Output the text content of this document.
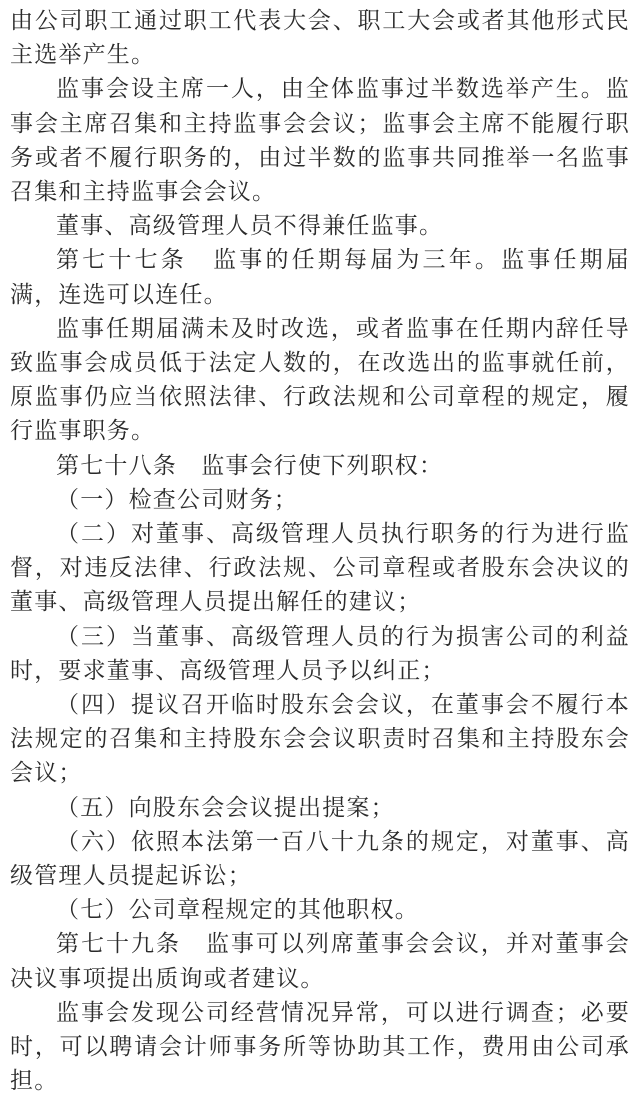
由公司职工通过职工代表大会、职工大会或者其他形式民主选举产生。

监事会设主席一人，由全体监事过半数选举产生。监事会主席召集和主持监事会会议；监事会主席不能履行职务或者不履行职务的，由过半数的监事共同推举一名监事召集和主持监事会会议。

董事、高级管理人员不得兼任监事。

第七十七条　监事的任期每届为三年。监事任期届满，连选可以连任。

监事任期届满未及时改选，或者监事在任期内辞任导致监事会成员低于法定人数的，在改选出的监事就任前，原监事仍应当依照法律、行政法规和公司章程的规定，履行监事职务。

第七十八条　监事会行使下列职权：

（一）检查公司财务；

（二）对董事、高级管理人员执行职务的行为进行监督，对违反法律、行政法规、公司章程或者股东会决议的董事、高级管理人员提出解任的建议；

（三）当董事、高级管理人员的行为损害公司的利益时，要求董事、高级管理人员予以纠正；

（四）提议召开临时股东会会议，在董事会不履行本法规定的召集和主持股东会会议职责时召集和主持股东会会议；

（五）向股东会会议提出提案；

（六）依照本法第一百八十九条的规定，对董事、高级管理人员提起诉讼；

（七）公司章程规定的其他职权。

第七十九条　监事可以列席董事会会议，并对董事会决议事项提出质询或者建议。

监事会发现公司经营情况异常，可以进行调查；必要时，可以聘请会计师事务所等协助其工作，费用由公司承担。
